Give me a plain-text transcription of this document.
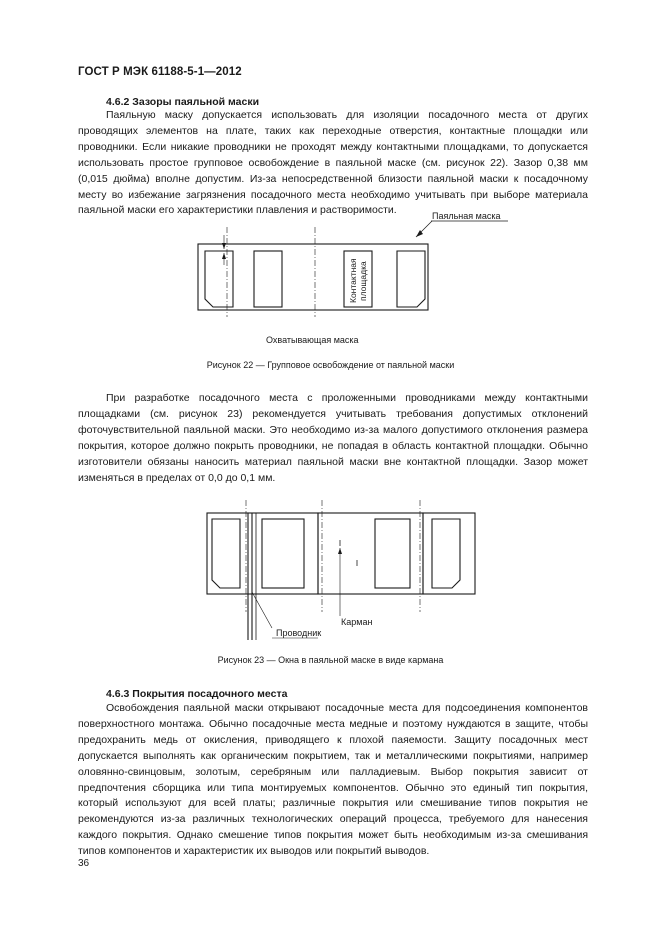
ГОСТ Р МЭК 61188-5-1—2012
4.6.2 Зазоры паяльной маски

Паяльную маску допускается использовать для изоляции посадочного места от других проводящих элементов на плате, таких как переходные отверстия, контактные площадки или проводники. Если никакие проводники не проходят между контактными площадками, то допускается использовать простое групповое освобождение в паяльной маске (см. рисунок 22). Зазор 0,38 мм (0,015 дюйма) вполне допустим. Из-за непосредственной близости паяльной маски к посадочному месту во избежание загрязнения посадочного места необходимо учитывать при выборе материала паяльной маски его характеристики плавления и растворимости.	Паяльная маска
Контактная площадка
Охватывающая маска
Рисунок 22 — Групповое освобождение от паяльной маски

При разработке посадочного места с проложенными проводниками между контактными площадками (см. рисунок 23) рекомендуется учитывать требования допустимых отклонений фоточувствительной паяльной маски. Это необходимо из-за малого допустимого отклонения размера покрытия, которое должно покрыть проводники, не попадая в область контактной площадки. Обычно изготовители обязаны наносить материал паяльной маски вне контактной площадки. Зазор может изменяться в пределах от 0,0 до 0,1 мм.

Карман
Проводник
Рисунок 23 — Окна в паяльной маске в виде кармана
4.6.3 Покрытия посадочного места

Освобождения паяльной маски открывают посадочные места для подсоединения компонентов поверхностного монтажа. Обычно посадочные места медные и поэтому нуждаются в защите, чтобы предохранить медь от окисления, приводящего к плохой паяемости. Защиту посадочных мест допускается выполнять как органическим покрытием, так и металлическими покрытиями, например оловянно-свинцовым, золотым, серебряным или палладиевым. Выбор покрытия зависит от предпочтения сборщика или типа монтируемых компонентов. Обычно это единый тип покрытия, который используют для всей платы; различные покрытия или смешивание типов покрытия не рекомендуются из-за различных технологических операций процесса, требуемого для нанесения каждого покрытия. Однако смешение типов покрытия может быть необходимым из-за смешивания типов компонентов и характеристик их выводов или покрытий выводов.

36
